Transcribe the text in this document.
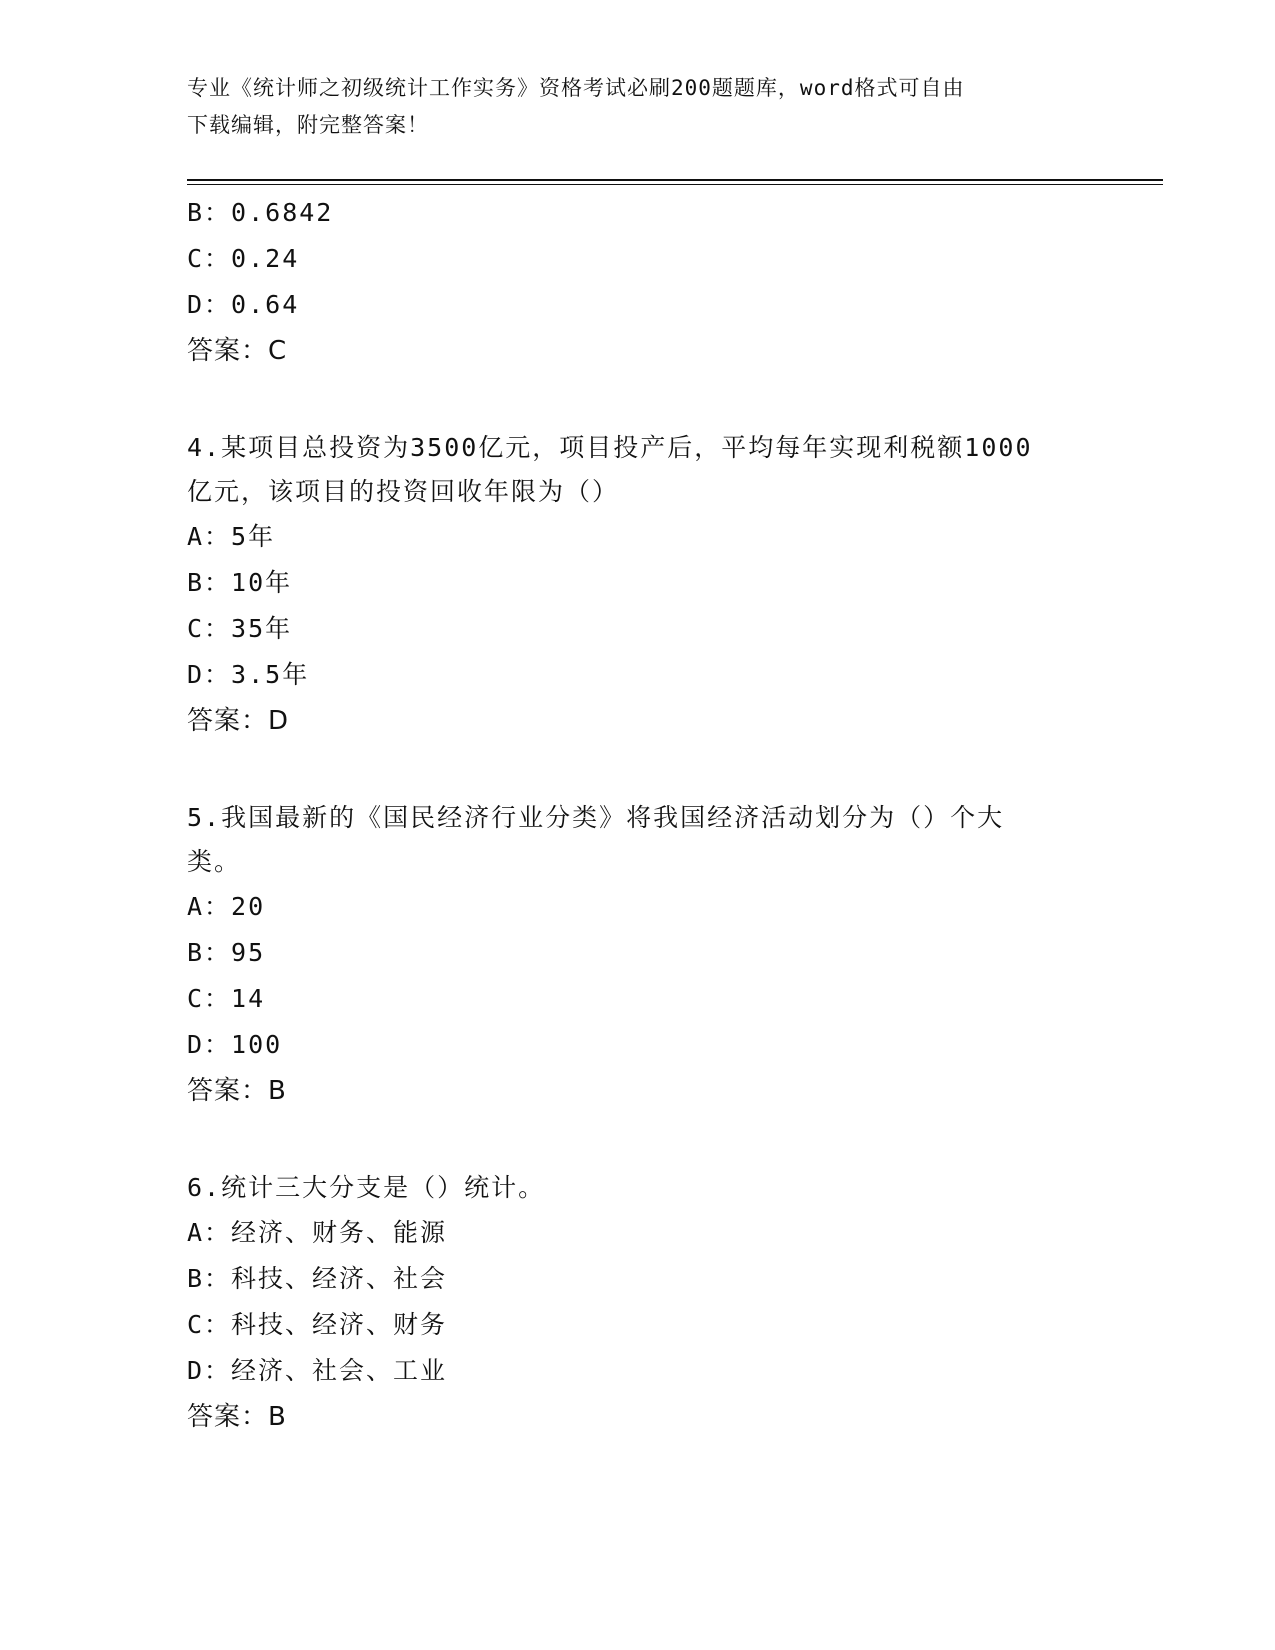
专业《统计师之初级统计工作实务》资格考试必刷200题题库，word格式可自由
下载编辑，附完整答案！
B：0.6842
C：0.24
D：0.64
答案：C
4.某项目总投资为3500亿元，项目投产后，平均每年实现利税额1000
亿元，该项目的投资回收年限为（）
A：5年
B：10年
C：35年
D：3.5年
答案：D
5.我国最新的《国民经济行业分类》将我国经济活动划分为（）个大
类。
A：20
B：95
C：14
D：100
答案：B
6.统计三大分支是（）统计。
A：经济、财务、能源
B：科技、经济、社会
C：科技、经济、财务
D：经济、社会、工业
答案：B
